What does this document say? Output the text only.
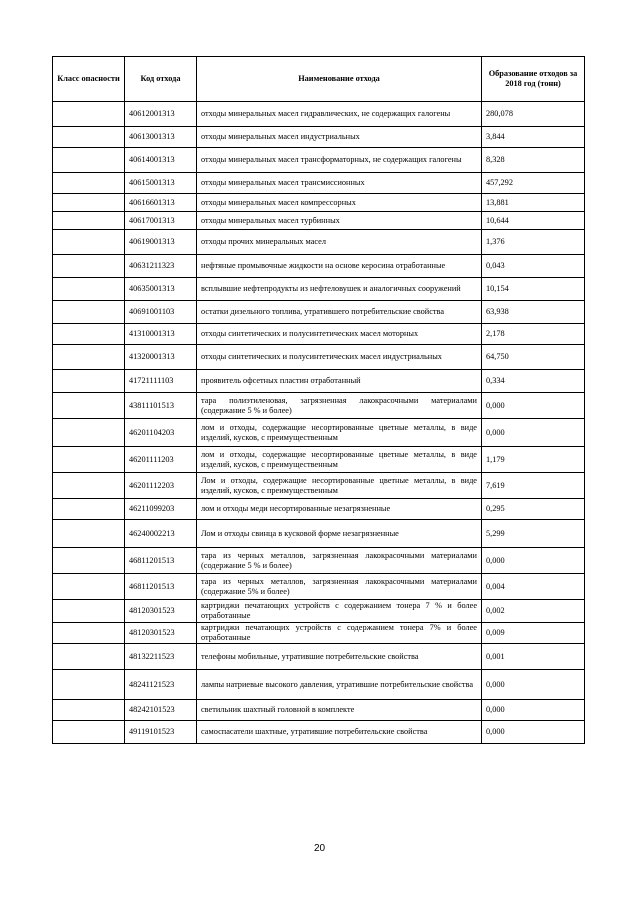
Класс опасности	Код отхода	Наименование отхода	Образование отходов за 2018 год (тонн)
	40612001313	отходы минеральных масел гидравлических, не содержащих галогены	280,078
	40613001313	отходы минеральных масел индустриальных	3,844
	40614001313	отходы минеральных масел трансформаторных, не содержащих галогены	8,328
	40615001313	отходы минеральных масел трансмиссионных	457,292
	40616601313	отходы минеральных масел компрессорных	13,881
	40617001313	отходы минеральных масел турбинных	10,644
	40619001313	отходы прочих минеральных масел	1,376
	40631211323	нефтяные промывочные жидкости на основе керосина отработанные	0,043
	40635001313	всплывшие нефтепродукты из нефтеловушек и аналогичных сооружений	10,154
	40691001103	остатки дизельного топлива, утратившего потребительские свойства	63,938
	41310001313	отходы синтетических и полусинтетических масел моторных	2,178
	41320001313	отходы синтетических и полусинтетических масел индустриальных	64,750
	41721111103	проявитель офсетных пластин отработанный	0,334
	43811101513	тара полиэтиленовая, загрязненная лакокрасочными материалами (содержание 5 % и более)	0,000
	46201104203	лом и отходы, содержащие несортированные цветные металлы, в виде изделий, кусков, с преимущественным	0,000
	46201111203	лом и отходы, содержащие несортированные цветные металлы, в виде изделий, кусков, с преимущественным	1,179
	46201112203	Лом и отходы, содержащие несортированные цветные металлы, в виде изделий, кусков, с преимущественным	7,619
	46211099203	лом и отходы меди несортированные незагрязненные	0,295
	46240002213	Лом и отходы свинца в кусковой форме незагрязненные	5,299
	46811201513	тара из черных металлов, загрязненная лакокрасочными материалами (содержание 5 % и более)	0,000
	46811201513	тара из черных металлов, загрязненная лакокрасочными материалами (содержание 5% и более)	0,004
	48120301523	картриджи печатающих устройств с содержанием тонера 7 % и более отработанные	0,002
	48120301523	картриджи печатающих устройств с содержанием тонера 7% и более отработанные	0,009
	48132211523	телефоны мобильные, утратившие потребительские свойства	0,001
	48241121523	лампы натриевые высокого давления, утратившие потребительские свойства	0,000
	48242101523	светильник шахтный головной в комплекте	0,000
	49119101523	самоспасатели шахтные, утратившие потребительские свойства	0,000
20
